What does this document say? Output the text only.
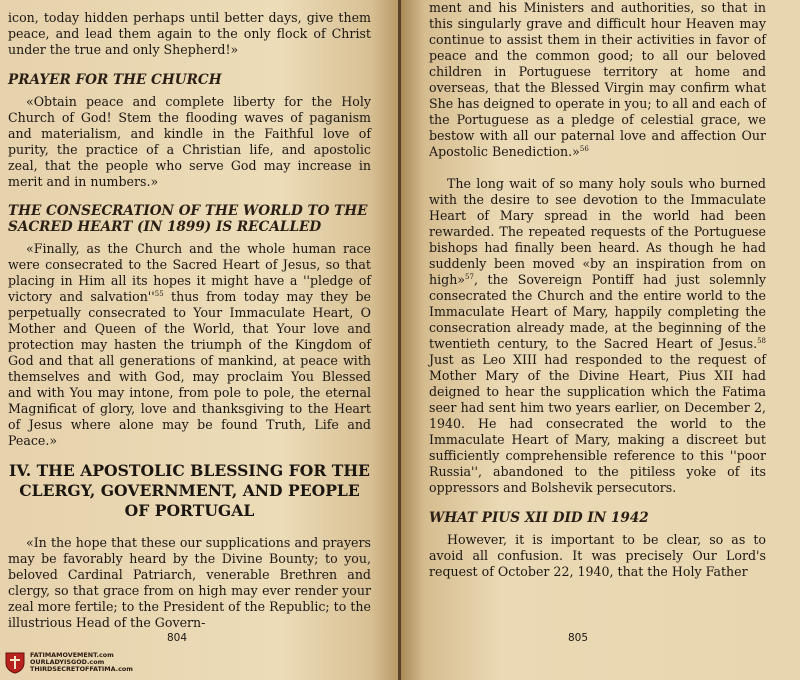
icon, today hidden perhaps until better days, give them peace, and lead them again to the only flock of Christ under the true and only Shepherd!»

PRAYER FOR THE CHURCH

«Obtain peace and complete liberty for the Holy Church of God! Stem the flooding waves of paganism and materialism, and kindle in the Faithful love of purity, the practice of a Christian life, and apostolic zeal, that the people who serve God may increase in merit and in numbers.»

THE CONSECRATION OF THE WORLD TO THE SACRED HEART (IN 1899) IS RECALLED

«Finally, as the Church and the whole human race were consecrated to the Sacred Heart of Jesus, so that placing in Him all its hopes it might have a ''pledge of victory and $salvation''^{55}$ thus from today may they be perpetually consecrated to Your Immaculate Heart, O Mother and Queen of the World, that Your love and protection may hasten the triumph of the Kingdom of God and that all generations of mankind, at peace with themselves and with God, may proclaim You Blessed and with You may intone, from pole to pole, the eternal Magnificat of glory, love and thanksgiving to the Heart of Jesus where alone may be found Truth, Life and Peace.»

IV. THE APOSTOLIC BLESSING FOR THE CLERGY, GOVERNMENT, AND PEOPLE OF PORTUGAL

«In the hope that these our supplications and prayers may be favorably heard by the Divine Bounty; to you, beloved Cardinal Patriarch, venerable Brethren and clergy, so that grace from on high may ever render your zeal more fertile; to the President of the Republic; to the illustrious Head of the Govern-

804

ment and his Ministers and authorities, so that in this singularly grave and difficult hour Heaven may continue to assist them in their activities in favor of peace and the common good; to all our beloved children in Portuguese territory at home and overseas, that the Blessed Virgin may confirm what She has deigned to operate in you; to all and each of the Portuguese as a pledge of celestial grace, we bestow with all our paternal love and affection Our Apostolic Benediction.»$^{56}$

The long wait of so many holy souls who burned with the desire to see devotion to the Immaculate Heart of Mary spread in the world had been rewarded. The repeated requests of the Portuguese bishops had finally been heard. As though he had suddenly been moved «by an inspiration from on high»$^{57}$, the Sovereign Pontiff had just solemnly consecrated the Church and the entire world to the Immaculate Heart of Mary, happily completing the consecration already made, at the beginning of the twentieth century, to the Sacred Heart of Jesus.$^{58}$ Just as Leo XIII had responded to the request of Mother Mary of the Divine Heart, Pius XII had deigned to hear the supplication which the Fatima seer had sent him two years earlier, on December 2, 1940. He had consecrated the world to the Immaculate Heart of Mary, making a discreet but sufficiently comprehensible reference to this ''poor Russia'', abandoned to the pitiless yoke of its oppressors and Bolshevik persecutors.

WHAT PIUS XII DID IN 1942

However, it is important to be clear, so as to avoid all confusion. It was precisely Our Lord's request of October 22, 1940, that the Holy Father

805
FATIMAMOVEMENT.com
OURLADYISGOD.com
THIRDSECRETOFFATIMA.com
